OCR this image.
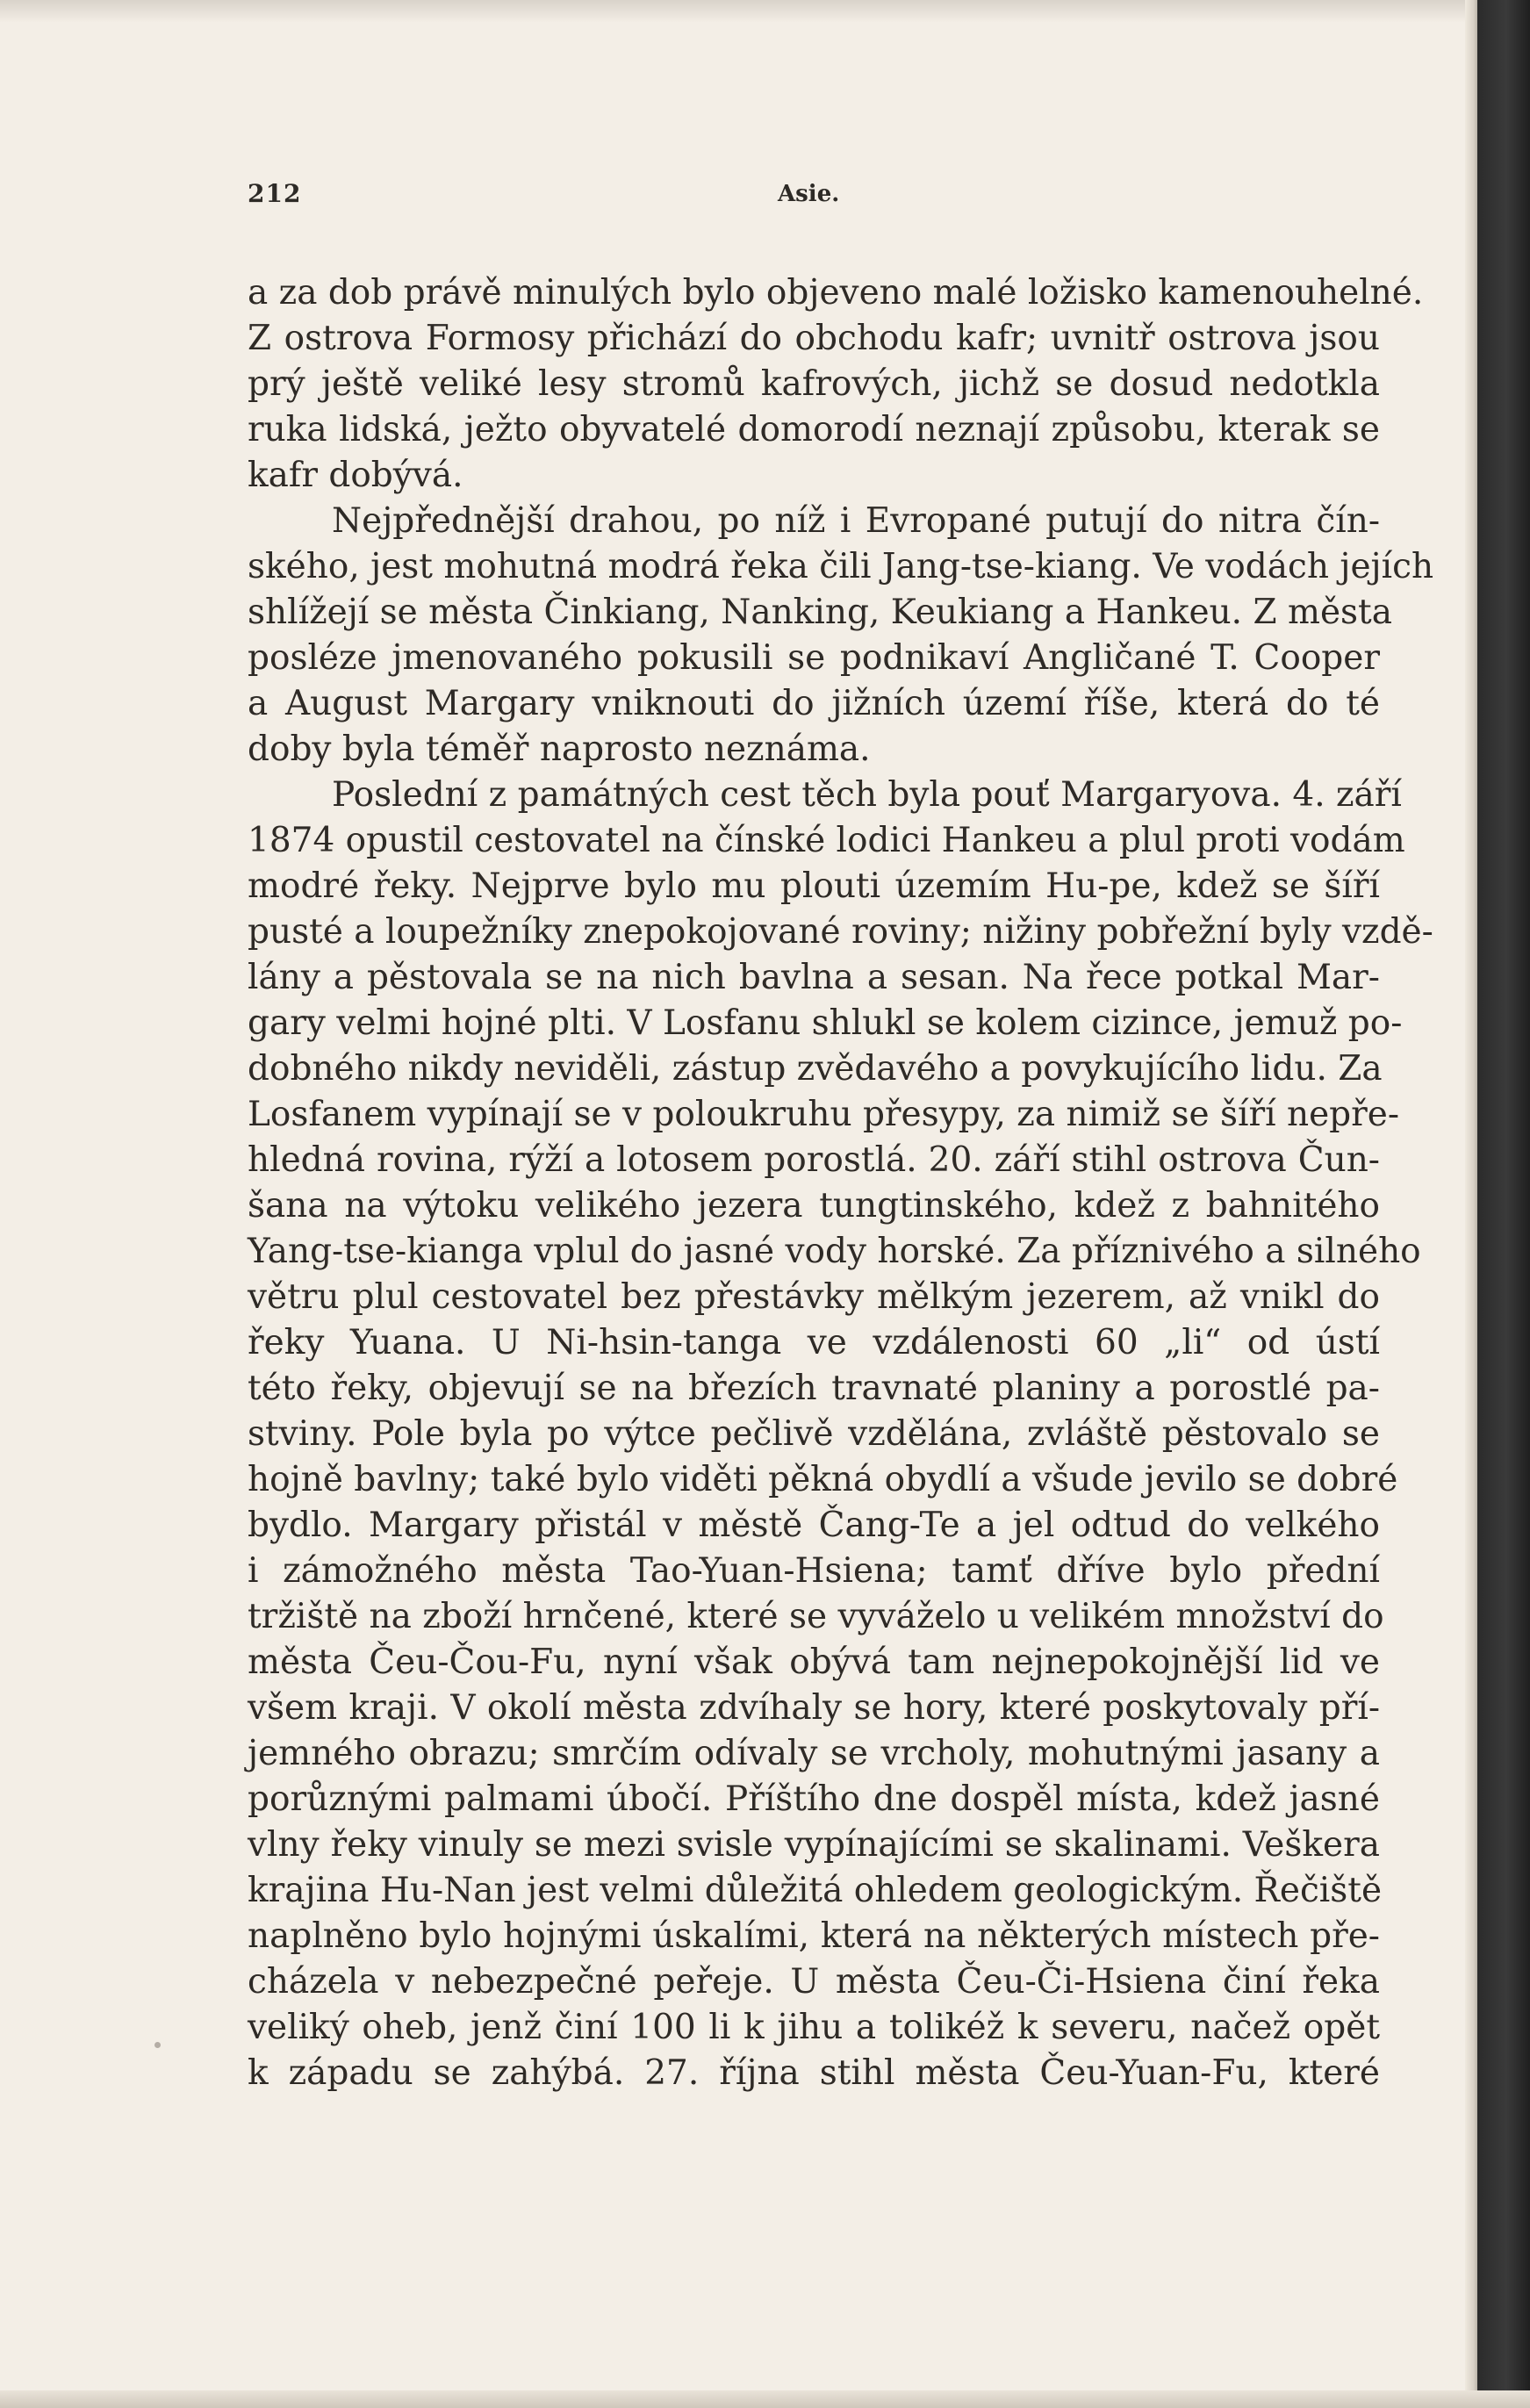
212	Asie.
a za dob právě minulých bylo objeveno malé ložisko kamenouhelné.
Z ostrova Formosy přichází do obchodu kafr; uvnitř ostrova jsou
prý ještě veliké lesy stromů kafrových, jichž se dosud nedotkla
ruka lidská, ježto obyvatelé domorodí neznají způsobu, kterak se
kafr dobývá.
Nejpřednější drahou, po níž i Evropané putují do nitra čín-
ského, jest mohutná modrá řeka čili Jang-tse-kiang. Ve vodách jejích
shlížejí se města Činkiang, Nanking, Keukiang a Hankeu. Z města
posléze jmenovaného pokusili se podnikaví Angličané T. Cooper
a August Margary vniknouti do jižních území říše, která do té
doby byla téměř naprosto neznáma.
Poslední z památných cest těch byla pouť Margaryova. 4. září
1874 opustil cestovatel na čínské lodici Hankeu a plul proti vodám
modré řeky. Nejprve bylo mu plouti územím Hu-pe, kdež se šíří
pusté a loupežníky znepokojované roviny; nižiny pobřežní byly vzdě-
lány a pěstovala se na nich bavlna a sesan. Na řece potkal Mar-
gary velmi hojné plti. V Losfanu shlukl se kolem cizince, jemuž po-
dobného nikdy neviděli, zástup zvědavého a povykujícího lidu. Za
Losfanem vypínají se v poloukruhu přesypy, za nimiž se šíří nepře-
hledná rovina, rýží a lotosem porostlá. 20. září stihl ostrova Čun-
šana na výtoku velikého jezera tungtinského, kdež z bahnitého
Yang-tse-kianga vplul do jasné vody horské. Za příznivého a silného
větru plul cestovatel bez přestávky mělkým jezerem, až vnikl do
řeky Yuana. U Ni-hsin-tanga ve vzdálenosti 60 „li“ od ústí
této řeky, objevují se na březích travnaté planiny a porostlé pa-
stviny. Pole byla po výtce pečlivě vzdělána, zvláště pěstovalo se
hojně bavlny; také bylo viděti pěkná obydlí a všude jevilo se dobré
bydlo. Margary přistál v městě Čang-Te a jel odtud do velkého
i zámožného města Tao-Yuan-Hsiena; tamť dříve bylo přední
tržiště na zboží hrnčené, které se vyváželo u velikém množství do
města Čeu-Čou-Fu, nyní však obývá tam nejnepokojnější lid ve
všem kraji. V okolí města zdvíhaly se hory, které poskytovaly pří-
jemného obrazu; smrčím odívaly se vrcholy, mohutnými jasany a
porůznými palmami úbočí. Příštího dne dospěl místa, kdež jasné
vlny řeky vinuly se mezi svisle vypínajícími se skalinami. Veškera
krajina Hu-Nan jest velmi důležitá ohledem geologickým. Řečiště
naplněno bylo hojnými úskalími, která na některých místech pře-
cházela v nebezpečné peřeje. U města Čeu-Či-Hsiena činí řeka
veliký oheb, jenž činí 100 li k jihu a tolikéž k severu, načež opět
k západu se zahýbá. 27. října stihl města Čeu-Yuan-Fu, které
